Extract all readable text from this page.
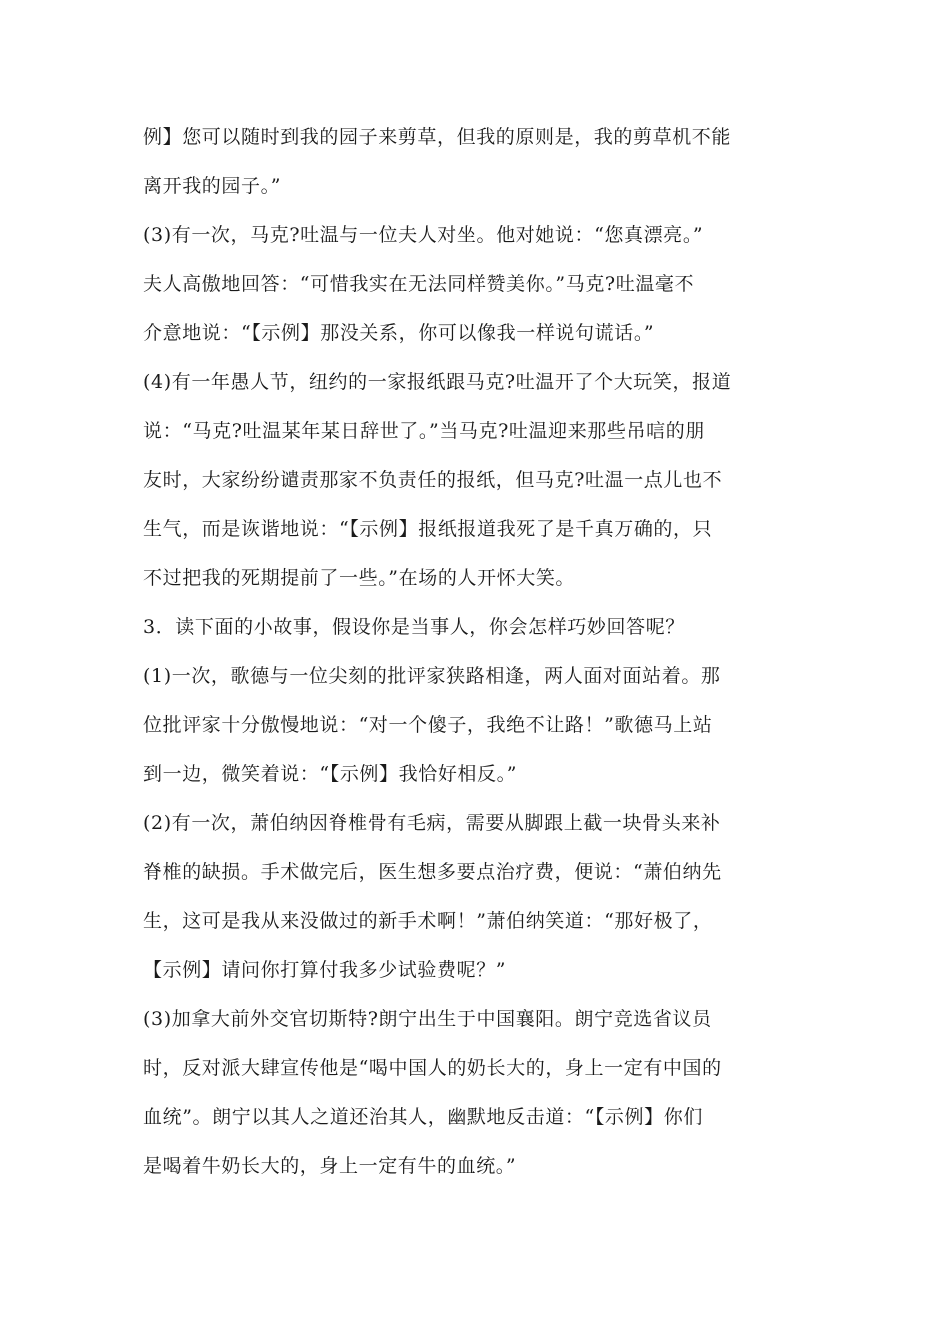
例】您可以随时到我的园子来剪草，但我的原则是，我的剪草机不能
离开我的园子。”
(3)有一次，马克?吐温与一位夫人对坐。他对她说：“您真漂亮。”
夫人高傲地回答：“可惜我实在无法同样赞美你。”马克?吐温毫不
介意地说：“【示例】那没关系，你可以像我一样说句谎话。”
(4)有一年愚人节，纽约的一家报纸跟马克?吐温开了个大玩笑，报道
说：“马克?吐温某年某日辞世了。”当马克?吐温迎来那些吊唁的朋
友时，大家纷纷谴责那家不负责任的报纸，但马克?吐温一点儿也不
生气，而是诙谐地说：“【示例】报纸报道我死了是千真万确的，只
不过把我的死期提前了一些。”在场的人开怀大笑。
3．读下面的小故事，假设你是当事人，你会怎样巧妙回答呢？
(1)一次，歌德与一位尖刻的批评家狭路相逢，两人面对面站着。那
位批评家十分傲慢地说：“对一个傻子，我绝不让路！”歌德马上站
到一边，微笑着说：“【示例】我恰好相反。”
(2)有一次，萧伯纳因脊椎骨有毛病，需要从脚跟上截一块骨头来补
脊椎的缺损。手术做完后，医生想多要点治疗费，便说：“萧伯纳先
生，这可是我从来没做过的新手术啊！”萧伯纳笑道：“那好极了，
【示例】请问你打算付我多少试验费呢？”
(3)加拿大前外交官切斯特?朗宁出生于中国襄阳。朗宁竞选省议员
时，反对派大肆宣传他是“喝中国人的奶长大的，身上一定有中国的
血统”。朗宁以其人之道还治其人，幽默地反击道：“【示例】你们
是喝着牛奶长大的，身上一定有牛的血统。”
